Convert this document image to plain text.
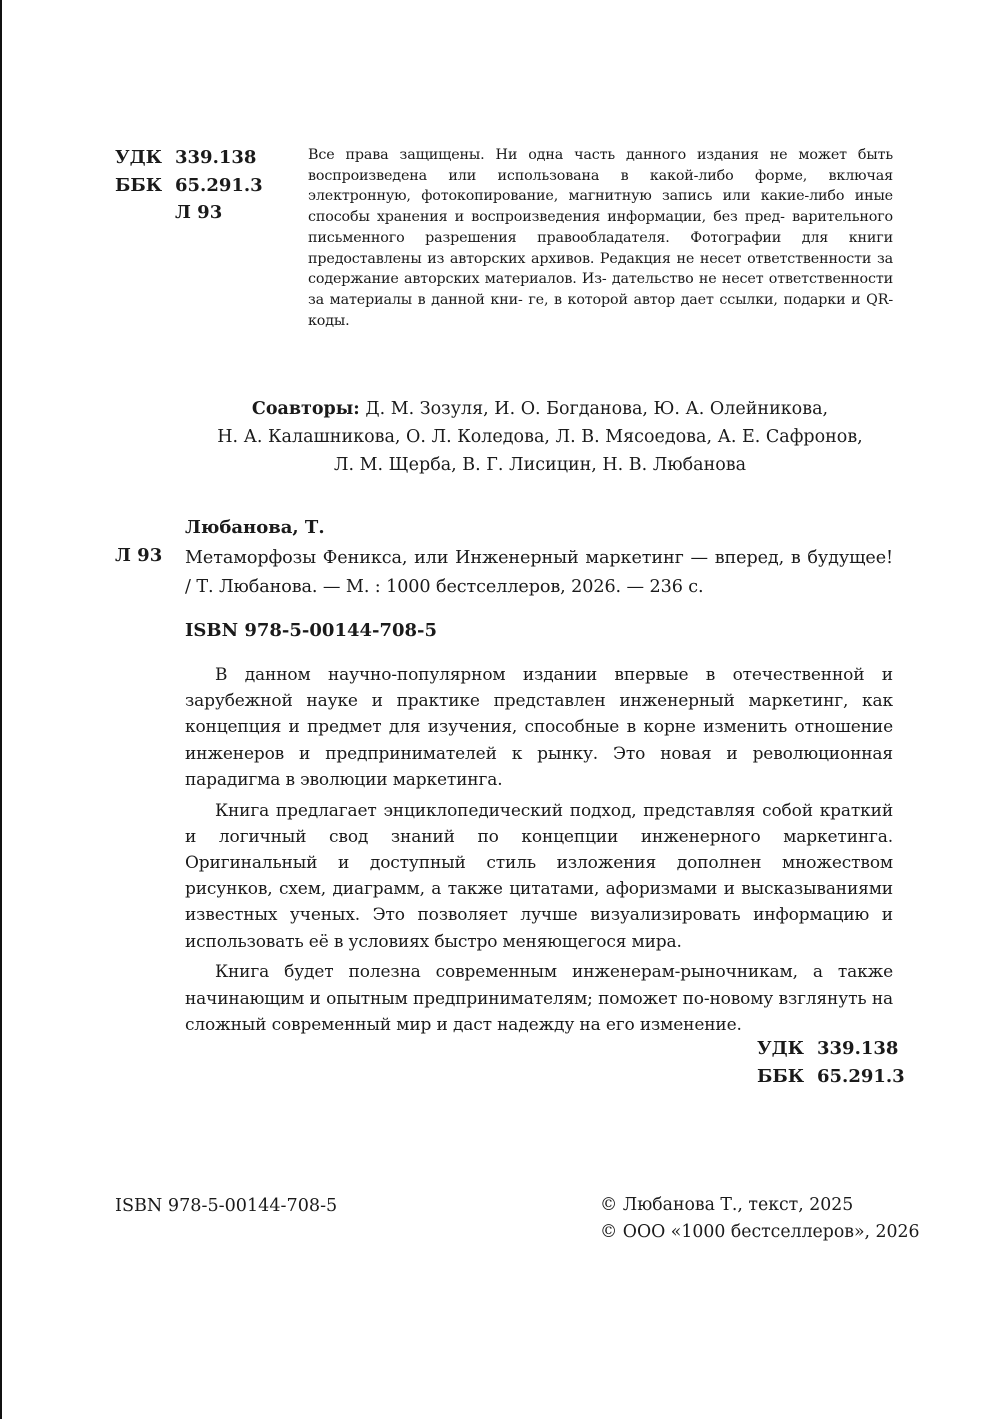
УДК 339.138
ББК 65.291.3
Л 93
Все права защищены. Ни одна часть данного издания не может быть воспроизведена или использована в какой-либо форме, включая электронную, фотокопирование, магнитную запись или какие-либо иные способы хранения и воспроизведения информации, без пред- варительного письменного разрешения правообладателя. Фотографии для книги предоставлены из авторских архивов. Редакция не несет ответственности за содержание авторских материалов. Из- дательство не несет ответственности за материалы в данной кни- ге, в которой автор дает ссылки, подарки и QR-коды.
Соавторы: Д. М. Зозуля, И. О. Богданова, Ю. А. Олейникова,
Н. А. Калашникова, О. Л. Коледова, Л. В. Мясоедова, А. Е. Сафронов,
Л. М. Щерба, В. Г. Лисицин, Н. В. Любанова
Любанова, Т.
Л 93 Метаморфозы Феникса, или Инженерный маркетинг — вперед, в будущее! / Т. Любанова. — М. : 1000 бестселлеров, 2026. — 236 с.
ISBN 978-5-00144-708-5

В данном научно-популярном издании впервые в отечественной и зарубежной науке и практике представлен инженерный маркетинг, как концепция и предмет для изучения, способные в корне изменить отношение инженеров и предпринимателей к рынку. Это новая и революционная парадигма в эволюции маркетинга.

Книга предлагает энциклопедический подход, представляя собой краткий и логичный свод знаний по концепции инженерного маркетинга. Оригинальный и доступный стиль изложения дополнен множеством рисунков, схем, диаграмм, а также цитатами, афоризмами и высказываниями известных ученых. Это позволяет лучше визуализировать информацию и использовать её в условиях быстро меняющегося мира.

Книга будет полезна современным инженерам-рыночникам, а также начинающим и опытным предпринимателям; поможет по-новому взглянуть на сложный современный мир и даст надежду на его изменение.

УДК 339.138
ББК 65.291.3
ISBN 978-5-00144-708-5	© Любанова Т., текст, 2025
© ООО «1000 бестселлеров», 2026
